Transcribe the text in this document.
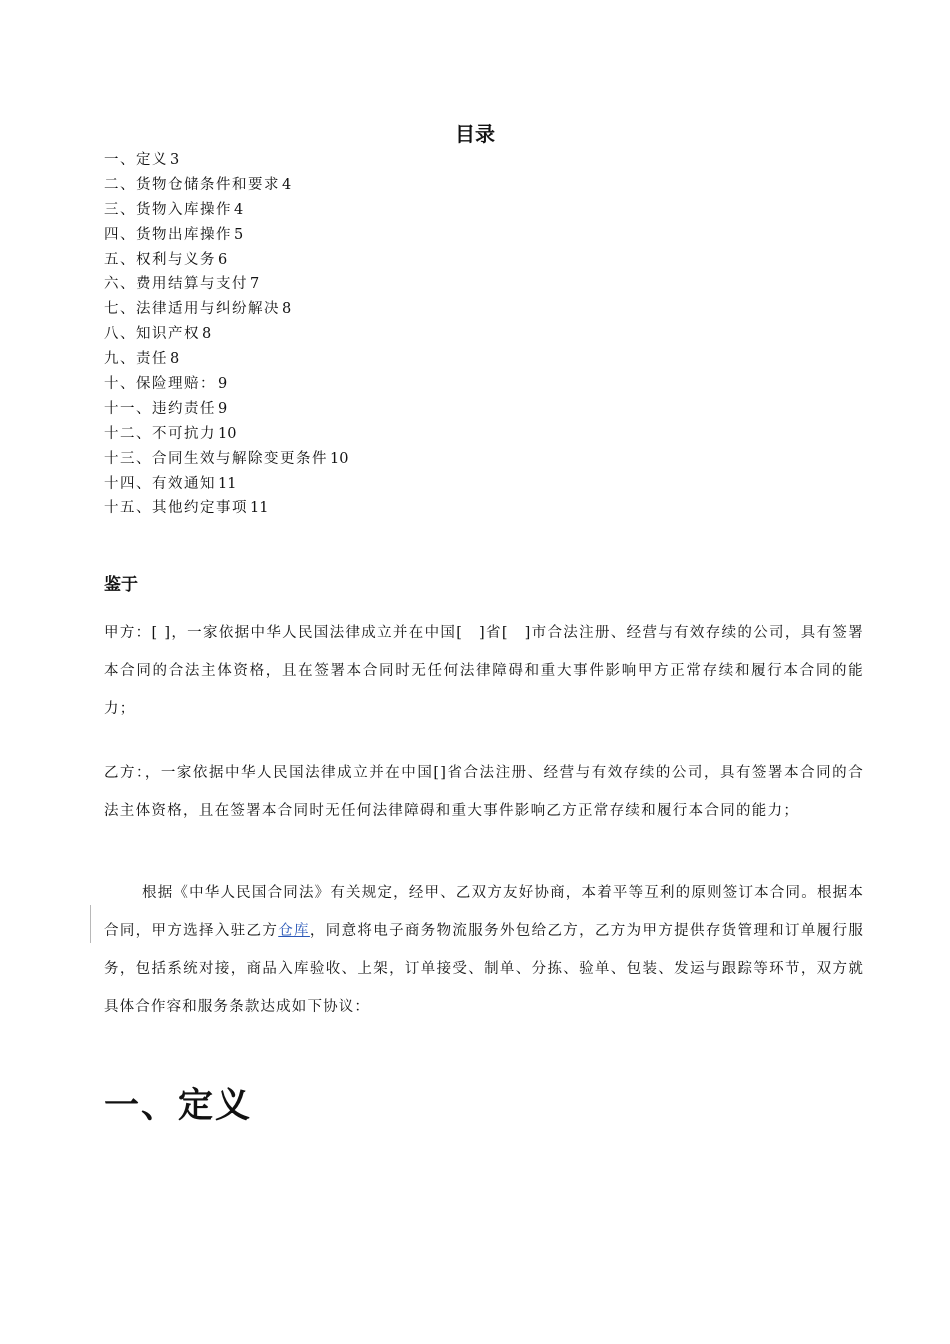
目录
一、定义 3
二、货物仓储条件和要求 4
三、货物入库操作 4
四、货物出库操作 5
五、权利与义务 6
六、费用结算与支付 7
七、法律适用与纠纷解决 8
八、知识产权 8
九、责任 8
十、保险理赔： 9
十一、违约责任 9
十二、不可抗力 10
十三、合同生效与解除变更条件 10
十四、有效通知 11
十五、其他约定事项 11
鉴于

甲方：[ ]，一家依据中华人民国法律成立并在中国[　]省[　]市合法注册、经营与有效存续的公司，具有签署本合同的合法主体资格，且在签署本合同时无任何法律障碍和重大事件影响甲方正常存续和履行本合同的能力；

乙方：，一家依据中华人民国法律成立并在中国[]省合法注册、经营与有效存续的公司，具有签署本合同的合法主体资格，且在签署本合同时无任何法律障碍和重大事件影响乙方正常存续和履行本合同的能力；

根据《中华人民国合同法》有关规定，经甲、乙双方友好协商，本着平等互利的原则签订本合同。根据本合同，甲方选择入驻乙方仓库，同意将电子商务物流服务外包给乙方，乙方为甲方提供存货管理和订单履行服务，包括系统对接，商品入库验收、上架，订单接受、制单、分拣、验单、包装、发运与跟踪等环节，双方就具体合作容和服务条款达成如下协议：

一、定义
